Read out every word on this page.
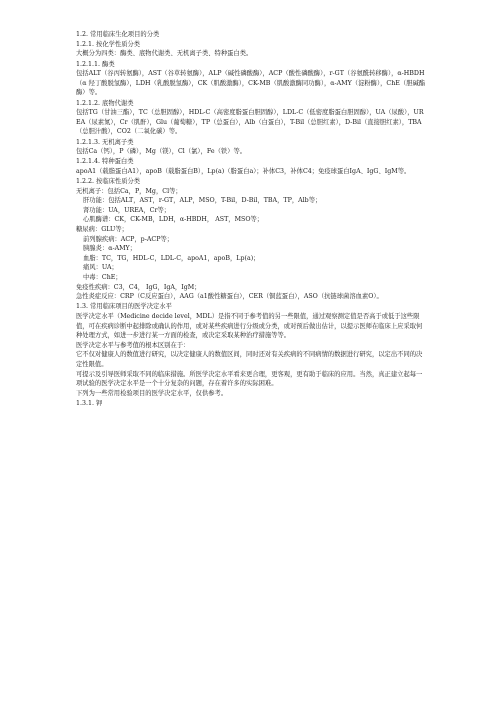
1.2. 常用临床生化项目的分类

1.2.1. 按化学性质分类

大概分为四类：酶类、底物代谢类、无机离子类、特种蛋白类。

1.2.1.1. 酶类

包括ALT（谷丙转氨酶），AST（谷草转氨酶），ALP（碱性磷酸酶），ACP（酸性磷酸酶），r-GT（谷氨酰转移酶），α-HBDH（α 羟丁酸脱氢酶），LDH（乳酸脱氢酶），CK（肌酸激酶），CK-MB（肌酸激酶同功酶），α-AMY（淀粉酶），ChE（胆碱酯酶）等。

1.2.1.2. 底物代谢类

包括TG（甘油三酯），TC（总胆固醇），HDL-C（高密度脂蛋白胆固醇），LDL-C（低密度脂蛋白胆固醇），UA（尿酸），UREA（尿素氮），Cr（肌酐），Glu（葡萄糖），TP（总蛋白），Alb（白蛋白），T-Bil（总胆红素），D-Bil（直接胆红素），TBA（总胆汁酸），CO2（二氧化碳）等。

1.2.1.3. 无机离子类

包括Ca（钙），P（磷），Mg（镁），Cl（氯），Fe（铁）等。

1.2.1.4. 特种蛋白类

apoA1（载脂蛋白A1），apoB（载脂蛋白B），Lp(a)（脂蛋白a）；补体C3，补体C4；免疫球蛋白IgA、IgG、IgM等。

1.2.2. 按临床性质分类

无机离子：包括Ca，P，Mg，Cl等；

肝功能：包括ALT，AST，r-GT，ALP，MSO，T-Bil，D-Bil，TBA，TP，Alb等；

肾功能：UA，UREA，Cr等；

心肌酶谱：CK，CK-MB，LDH，α-HBDH， AST，MSO等；

糖尿病：GLU等；

前列腺疾病：ACP，p-ACP等；

胰腺炎：α-AMY；

血脂：TC，TG，HDL-C，LDL-C，apoA1，apoB，Lp(a)；

痛风：UA；

中毒：ChE；

免疫性疾病：C3，C4， IgG，IgA，IgM；

急性炎症反应：CRP（C反应蛋白），AAG（a1酸性糖蛋白），CER（铜蓝蛋白），ASO（抗链球菌溶血素O）。

1.3. 常用临床项目的医学决定水平

医学决定水平（Medicine decide level，MDL）是指不同于参考值的另一些限值，通过观察测定值是否高于或低于这些限值，可在疾病诊断中起排除或确认的作用，或对某些疾病进行分级或分类，或对预后做出估计，以提示医师在临床上应采取何种处理方式，如进一步进行某一方面的检查，或决定采取某种治疗措施等等。

医学决定水平与参考值的根本区别在于：

它不仅对健康人的数值进行研究，以决定健康人的数值区间，同时还对有关疾病的不同病情的数据进行研究，以定出不同的决定性限值。

可提示及引导医师采取不同的临床措施。所医学决定水平看来更合理，更客观，更有助于临床的应用。当然，真正建立起每一项试验的医学决定水平是一个十分复杂的问题，存在着许多的实际困难。

下列为一些常用检验项目的医学决定水平，仅供参考。

1.3.1. 钾
